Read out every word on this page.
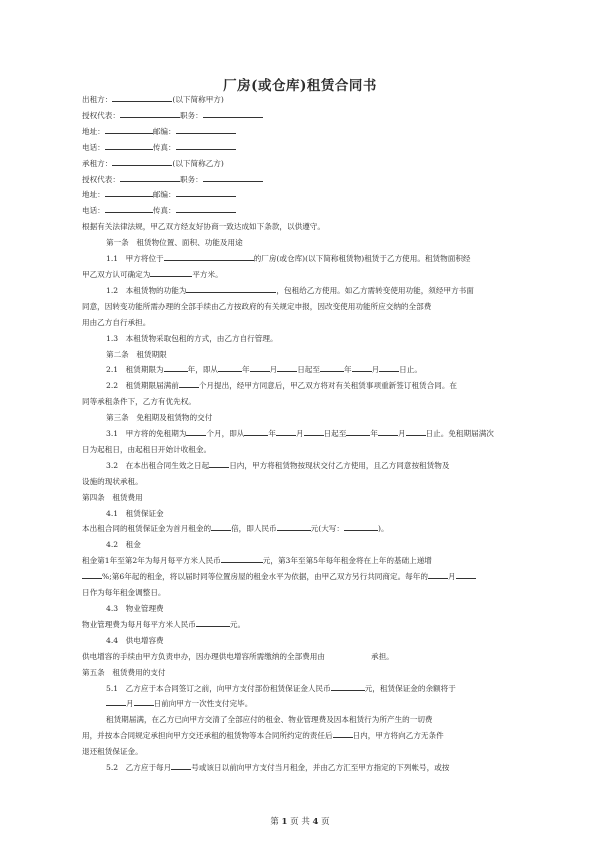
厂房(或仓库)租赁合同书
出租方：	(以下简称甲方)
授权代表：	职务：
地址：	邮编：
电话：	传真：
承租方：	(以下简称乙方)
授权代表：	职务：
地址：	邮编：
电话：	传真：
根据有关法律法规，甲乙双方经友好协商一致达成如下条款，以供遵守。
第一条　租赁物位置、面积、功能及用途
1.1　甲方将位于	的厂房(或仓库)(以下简称租赁物)租赁于乙方使用。租赁物面积经
甲乙双方认可确定为	平方米。
1.2　本租赁物的功能为	，包租给乙方使用。如乙方需转变使用功能，须经甲方书面
同意，因转变功能所需办理的全部手续由乙方按政府的有关规定申报，因改变使用功能所应交纳的全部费
用由乙方自行承担。
1.3　本租赁物采取包租的方式，由乙方自行管理。
第二条　租赁期限
2.1　租赁期限为	年，即从	年	月	日起至	年	月	日止。
2.2　租赁期限届满前	个月提出，经甲方同意后，甲乙双方将对有关租赁事项重新签订租赁合同。在
同等承租条件下，乙方有优先权。
第三条　免租期及租赁物的交付
3.1　甲方将的免租期为	个月，即从	年	月	日起至	年	月	日止。免租期届满次
日为起租日，由起租日开始计收租金。
3.2　在本出租合同生效之日起	日内，甲方将租赁物按现状交付乙方使用，且乙方同意按租赁物及
设施的现状承租。
第四条　租赁费用
4.1　租赁保证金
本出租合同的租赁保证金为首月租金的	倍，即人民币	元(大写：	)。
4.2　租金
租金第1年至第2年为每月每平方米人民币	元，第3年至第5年每年租金将在上年的基础上递增
%;第6年起的租金，将以届时同等位置房屋的租金水平为依据，由甲乙双方另行共同商定。每年的	月
日作为每年租金调整日。
4.3　物业管理费
物业管理费为每月每平方米人民币	元。
4.4　供电增容费
供电增容的手续由甲方负责申办，因办理供电增容所需缴纳的全部费用由	承担。
第五条　租赁费用的支付
5.1　乙方应于本合同签订之前，向甲方支付部份租赁保证金人民币	元，租赁保证金的余额将于
月	日前向甲方一次性支付完毕。
租赁期届满，在乙方已向甲方交清了全部应付的租金、物业管理费及因本租赁行为所产生的一切费
用，并按本合同规定承担向甲方交还承租的租赁物等本合同所约定的责任后	日内，甲方将向乙方无条件
退还租赁保证金。
5.2　乙方应于每月	号或该日以前向甲方支付当月租金，并由乙方汇至甲方指定的下列帐号，或按
第 1 页 共 4 页
